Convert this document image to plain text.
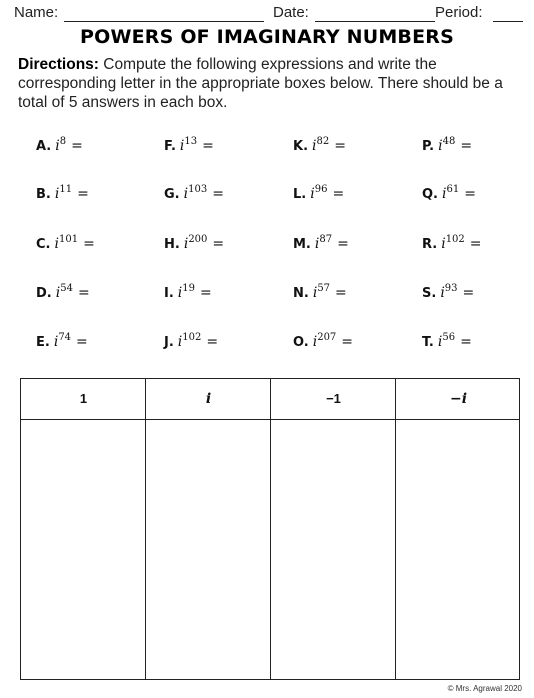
Name:	Date:	Period:
POWERS OF IMAGINARY NUMBERS
Directions: Compute the following expressions and write the corresponding letter in the appropriate boxes below. There should be a total of 5 answers in each box.
A. $i^8$ =	F. $i^{13}$ =	K. $i^{82}$ =	P. $i^{48}$ =
B. $i^{11}$ =	G. $i^{103}$ =	L. $i^{96}$ =	Q. $i^{61}$ =
C. $i^{101}$ =	H. $i^{200}$ =	M. $i^{87}$ =	R. $i^{102}$ =
D. $i^{54}$ =	I. $i^{19}$ =	N. $i^{57}$ =	S. $i^{93}$ =
E. $i^{74}$ =	J. $i^{102}$ =	O. $i^{207}$ =	T. $i^{56}$ =
1	i	−1	−i
© Mrs. Agrawal 2020
